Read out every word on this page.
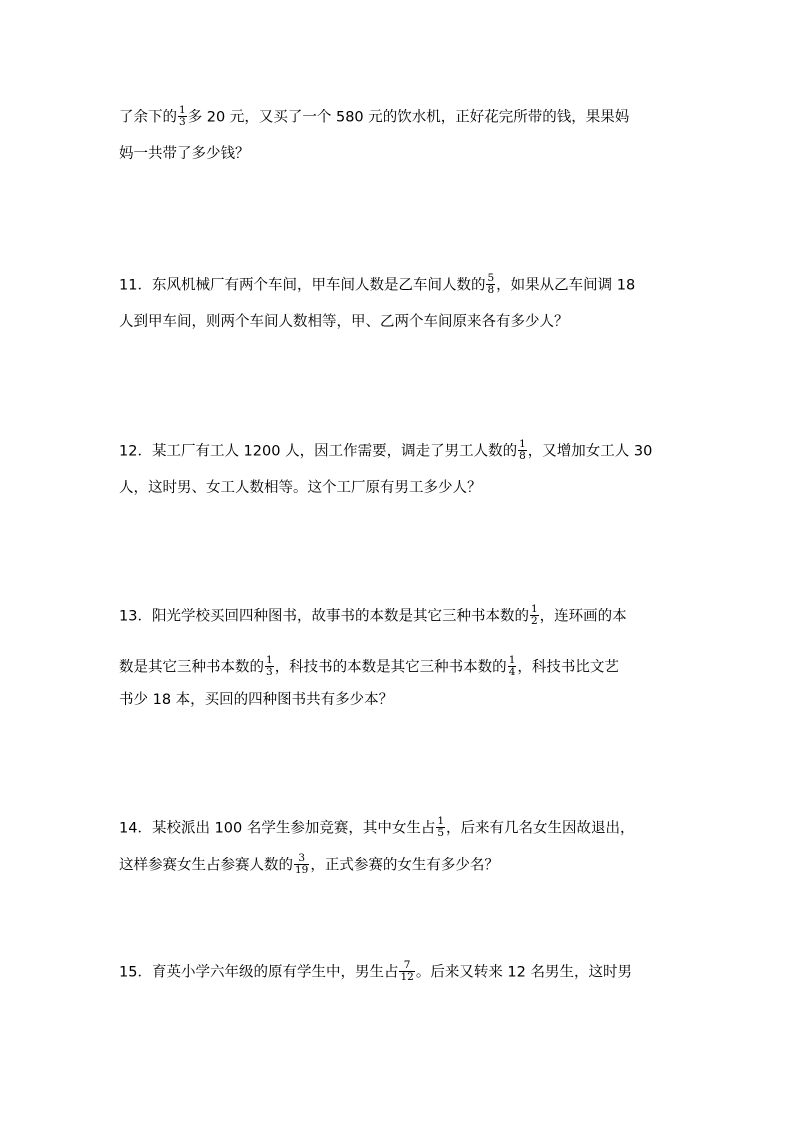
了余下的 $\frac{1}{3}$ 多 20 元，又买了一个 580 元的饮水机，正好花完所带的钱，果果妈
妈一共带了多少钱？
11．东风机械厂有两个车间，甲车间人数是乙车间人数的 $\frac{5}{8}$ ，如果从乙车间调 18
人到甲车间，则两个车间人数相等，甲、乙两个车间原来各有多少人？
12．某工厂有工人 1200 人，因工作需要，调走了男工人数的 $\frac{1}{8}$ ，又增加女工人 30
人，这时男、女工人数相等。这个工厂原有男工多少人？
13．阳光学校买回四种图书，故事书的本数是其它三种书本数的 $\frac{1}{2}$ ，连环画的本
数是其它三种书本数的 $\frac{1}{3}$ ，科技书的本数是其它三种书本数的 $\frac{1}{4}$ ，科技书比文艺
书少 18 本，买回的四种图书共有多少本？
14．某校派出 100 名学生参加竞赛，其中女生占 $\frac{1}{5}$ ，后来有几名女生因故退出，
这样参赛女生占参赛人数的 $\frac{3}{19}$ ，正式参赛的女生有多少名？
15．育英小学六年级的原有学生中，男生占 $\frac{7}{12}$ 。后来又转来 12 名男生，这时男
